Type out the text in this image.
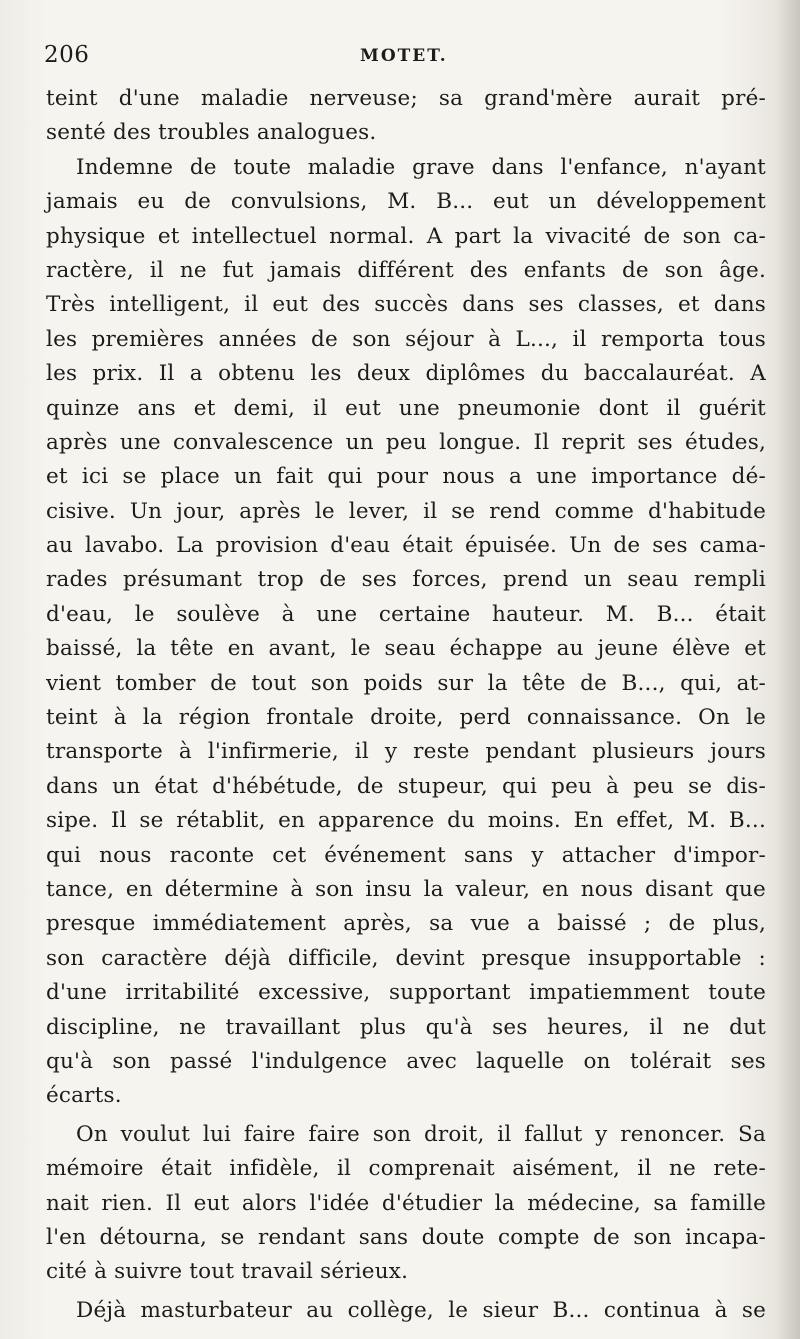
206	MOTET.
teint d'une maladie nerveuse; sa grand'mère aurait pré-
senté des troubles analogues.
Indemne de toute maladie grave dans l'enfance, n'ayant
jamais eu de convulsions, M. B... eut un développement
physique et intellectuel normal. A part la vivacité de son ca-
ractère, il ne fut jamais différent des enfants de son âge.
Très intelligent, il eut des succès dans ses classes, et dans
les premières années de son séjour à L..., il remporta tous
les prix. Il a obtenu les deux diplômes du baccalauréat. A
quinze ans et demi, il eut une pneumonie dont il guérit
après une convalescence un peu longue. Il reprit ses études,
et ici se place un fait qui pour nous a une importance dé-
cisive. Un jour, après le lever, il se rend comme d'habitude
au lavabo. La provision d'eau était épuisée. Un de ses cama-
rades présumant trop de ses forces, prend un seau rempli
d'eau, le soulève à une certaine hauteur. M. B... était
baissé, la tête en avant, le seau échappe au jeune élève et
vient tomber de tout son poids sur la tête de B..., qui, at-
teint à la région frontale droite, perd connaissance. On le
transporte à l'infirmerie, il y reste pendant plusieurs jours
dans un état d'hébétude, de stupeur, qui peu à peu se dis-
sipe. Il se rétablit, en apparence du moins. En effet, M. B...
qui nous raconte cet événement sans y attacher d'impor-
tance, en détermine à son insu la valeur, en nous disant que
presque immédiatement après, sa vue a baissé ; de plus,
son caractère déjà difficile, devint presque insupportable :
d'une irritabilité excessive, supportant impatiemment toute
discipline, ne travaillant plus qu'à ses heures, il ne dut
qu'à son passé l'indulgence avec laquelle on tolérait ses
écarts.
On voulut lui faire faire son droit, il fallut y renoncer. Sa
mémoire était infidèle, il comprenait aisément, il ne rete-
nait rien. Il eut alors l'idée d'étudier la médecine, sa famille
l'en détourna, se rendant sans doute compte de son incapa-
cité à suivre tout travail sérieux.
Déjà masturbateur au collège, le sieur B... continua à se
